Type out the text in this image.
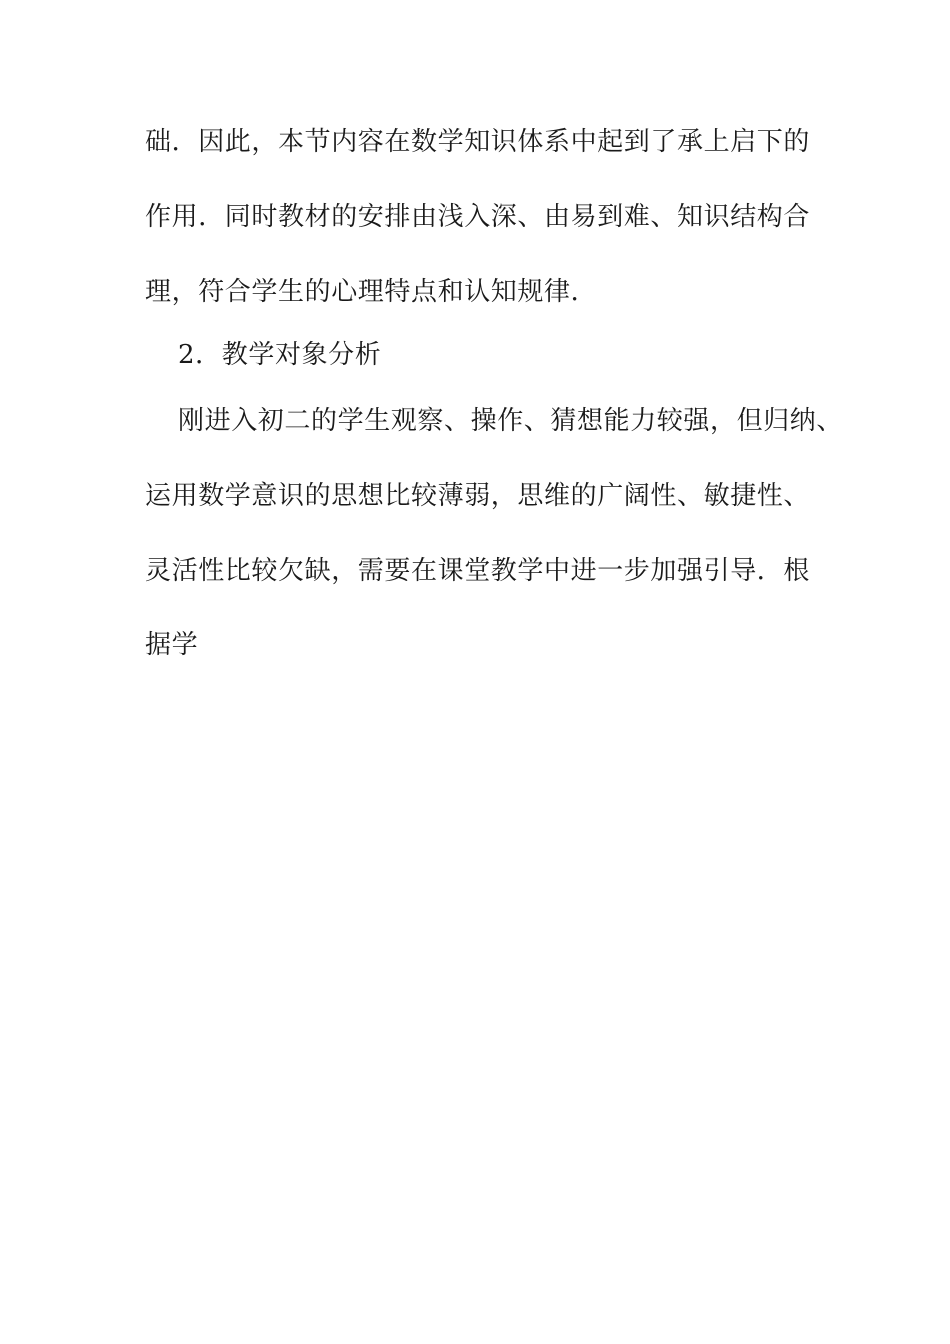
础．因此，本节内容在数学知识体系中起到了承上启下的
作用．同时教材的安排由浅入深、由易到难、知识结构合
理，符合学生的心理特点和认知规律．
2．教学对象分析
刚进入初二的学生观察、操作、猜想能力较强，但归纳、
运用数学意识的思想比较薄弱，思维的广阔性、敏捷性、
灵活性比较欠缺，需要在课堂教学中进一步加强引导．根
据学
